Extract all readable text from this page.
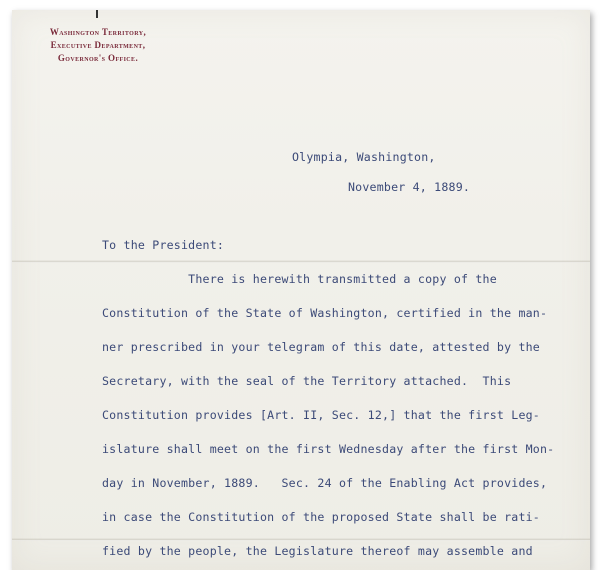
Washington Territory,
Executive Department,
Governor's Office.
Olympia, Washington,
November 4, 1889.
To the President:
There is herewith transmitted a copy of the
Constitution of the State of Washington, certified in the man-
ner prescribed in your telegram of this date, attested by the
Secretary, with the seal of the Territory attached.  This
Constitution provides [Art. II, Sec. 12,] that the first Leg-
islature shall meet on the first Wednesday after the first Mon-
day in November, 1889.   Sec. 24 of the Enabling Act provides,
in case the Constitution of the proposed State shall be rati-
fied by the people, the Legislature thereof may assemble and
